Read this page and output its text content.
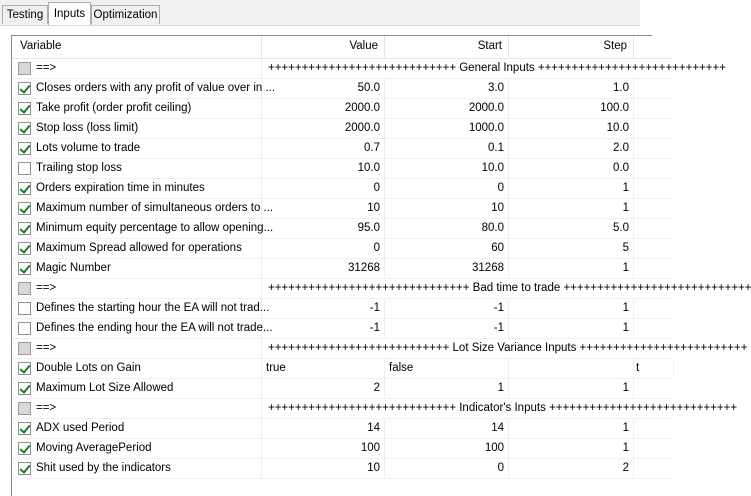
Testing Inputs Optimization
Variable	Value	Start	Step
==>	++++++++++++++++++++++++++++ General Inputs ++++++++++++++++++++++++++++
Closes orders with any profit of value over in ...	50.0	3.0	1.0
Take profit (order profit ceiling)	2000.0	2000.0	100.0
Stop loss (loss limit)	2000.0	1000.0	10.0
Lots volume to trade	0.7	0.1	2.0
Trailing stop loss	10.0	10.0	0.0
Orders expiration time in minutes	0	0	1
Maximum number of simultaneous orders to ...	10	10	1
Minimum equity percentage to allow opening...	95.0	80.0	5.0
Maximum Spread allowed for operations	0	60	5
Magic Number	31268	31268	1
==>	++++++++++++++++++++++++++++++ Bad time to trade ++++++++++++++++++++++++++++
Defines the starting hour the EA will not trad...	-1	-1	1
Defines the ending hour the EA will not trade...	-1	-1	1
==>	+++++++++++++++++++++++++++ Lot Size Variance Inputs +++++++++++++++++++++++++
Double Lots on Gain	true	false	t
Maximum Lot Size Allowed	2	1	1
==>	++++++++++++++++++++++++++++ Indicator's Inputs ++++++++++++++++++++++++++++
ADX used Period	14	14	1
Moving AveragePeriod	100	100	1
Shit used by the indicators	10	0	2
